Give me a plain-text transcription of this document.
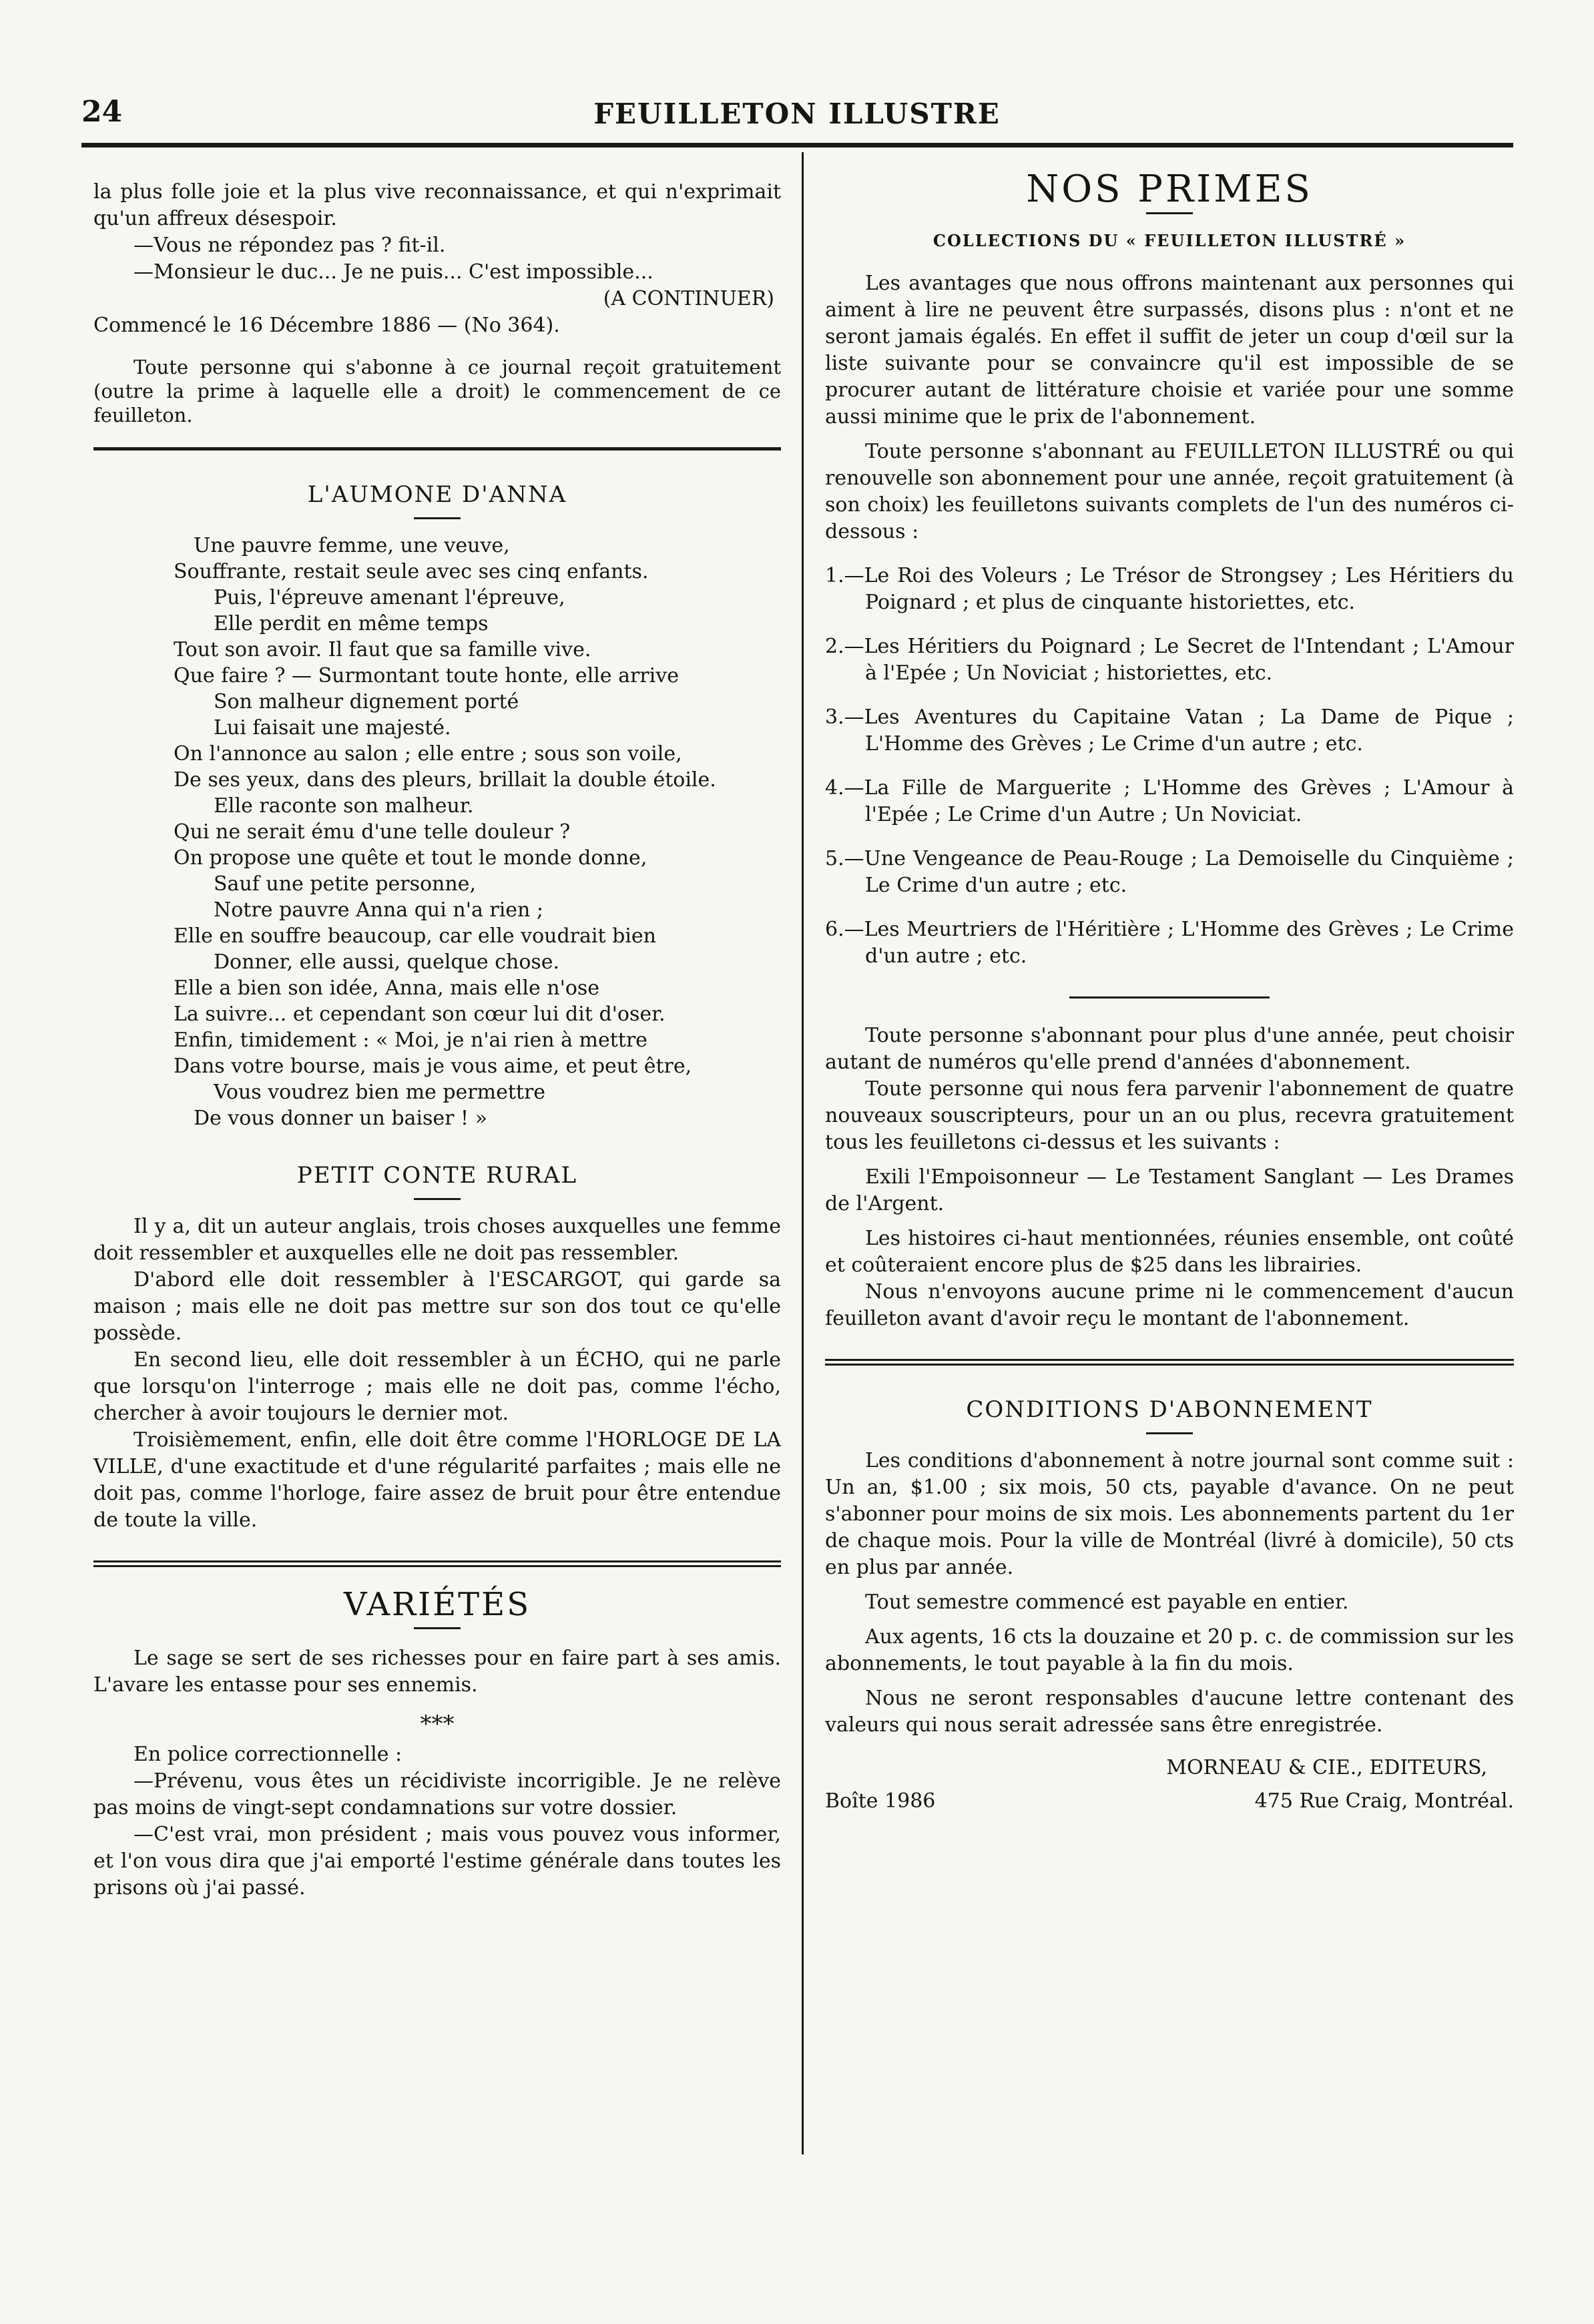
24	FEUILLETON ILLUSTRE

la plus folle joie et la plus vive reconnaissance, et qui n'exprimait qu'un affreux désespoir.

—Vous ne répondez pas ? fit-il.

—Monsieur le duc... Je ne puis... C'est impossible...

(A CONTINUER)

Commencé le 16 Décembre 1886 — (No 364).

Toute personne qui s'abonne à ce journal reçoit gratuitement (outre la prime à laquelle elle a droit) le commencement de ce feuilleton.

L'AUMONE D'ANNA

Une pauvre femme, une veuve,

Souffrante, restait seule avec ses cinq enfants.

Puis, l'épreuve amenant l'épreuve,

Elle perdit en même temps

Tout son avoir. Il faut que sa famille vive.

Que faire ? — Surmontant toute honte, elle arrive

Son malheur dignement porté

Lui faisait une majesté.

On l'annonce au salon ; elle entre ; sous son voile,

De ses yeux, dans des pleurs, brillait la double étoile.

Elle raconte son malheur.

Qui ne serait ému d'une telle douleur ?

On propose une quête et tout le monde donne,

Sauf une petite personne,

Notre pauvre Anna qui n'a rien ;

Elle en souffre beaucoup, car elle voudrait bien

Donner, elle aussi, quelque chose.

Elle a bien son idée, Anna, mais elle n'ose

La suivre... et cependant son cœur lui dit d'oser.

Enfin, timidement : « Moi, je n'ai rien à mettre

Dans votre bourse, mais je vous aime, et peut être,

Vous voudrez bien me permettre

De vous donner un baiser ! »

PETIT CONTE RURAL

Il y a, dit un auteur anglais, trois choses auxquelles une femme doit ressembler et auxquelles elle ne doit pas ressembler.

D'abord elle doit ressembler à l'ESCARGOT, qui garde sa maison ; mais elle ne doit pas mettre sur son dos tout ce qu'elle possède.

En second lieu, elle doit ressembler à un ÉCHO, qui ne parle que lorsqu'on l'interroge ; mais elle ne doit pas, comme l'écho, chercher à avoir toujours le dernier mot.

Troisièmement, enfin, elle doit être comme l'HORLOGE DE LA VILLE, d'une exactitude et d'une régularité parfaites ; mais elle ne doit pas, comme l'horloge, faire assez de bruit pour être entendue de toute la ville.

VARIÉTÉS

Le sage se sert de ses richesses pour en faire part à ses amis. L'avare les entasse pour ses ennemis.

***

En police correctionnelle :

—Prévenu, vous êtes un récidiviste incorrigible. Je ne relève pas moins de vingt-sept condamnations sur votre dossier.

—C'est vrai, mon président ; mais vous pouvez vous informer, et l'on vous dira que j'ai emporté l'estime générale dans toutes les prisons où j'ai passé.

NOS PRIMES

COLLECTIONS DU « FEUILLETON ILLUSTRÉ »

Les avantages que nous offrons maintenant aux personnes qui aiment à lire ne peuvent être surpassés, disons plus : n'ont et ne seront jamais égalés. En effet il suffit de jeter un coup d'œil sur la liste suivante pour se convaincre qu'il est impossible de se procurer autant de littérature choisie et variée pour une somme aussi minime que le prix de l'abonnement.

Toute personne s'abonnant au FEUILLETON ILLUSTRÉ ou qui renouvelle son abonnement pour une année, reçoit gratuitement (à son choix) les feuilletons suivants complets de l'un des numéros ci-dessous :

1.—Le Roi des Voleurs ; Le Trésor de Strongsey ; Les Héritiers du Poignard ; et plus de cinquante historiettes, etc.

2.—Les Héritiers du Poignard ; Le Secret de l'Intendant ; L'Amour à l'Epée ; Un Noviciat ; historiettes, etc.

3.—Les Aventures du Capitaine Vatan ; La Dame de Pique ; L'Homme des Grèves ; Le Crime d'un autre ; etc.

4.—La Fille de Marguerite ; L'Homme des Grèves ; L'Amour à l'Epée ; Le Crime d'un Autre ; Un Noviciat.

5.—Une Vengeance de Peau-Rouge ; La Demoiselle du Cinquième ; Le Crime d'un autre ; etc.

6.—Les Meurtriers de l'Héritière ; L'Homme des Grèves ; Le Crime d'un autre ; etc.

Toute personne s'abonnant pour plus d'une année, peut choisir autant de numéros qu'elle prend d'années d'abonnement.

Toute personne qui nous fera parvenir l'abonnement de quatre nouveaux souscripteurs, pour un an ou plus, recevra gratuitement tous les feuilletons ci-dessus et les suivants :

Exili l'Empoisonneur — Le Testament Sanglant — Les Drames de l'Argent.

Les histoires ci-haut mentionnées, réunies ensemble, ont coûté et coûteraient encore plus de $25 dans les librairies.

Nous n'envoyons aucune prime ni le commencement d'aucun feuilleton avant d'avoir reçu le montant de l'abonnement.

CONDITIONS D'ABONNEMENT

Les conditions d'abonnement à notre journal sont comme suit : Un an, $1.00 ; six mois, 50 cts, payable d'avance. On ne peut s'abonner pour moins de six mois. Les abonnements partent du 1er de chaque mois. Pour la ville de Montréal (livré à domicile), 50 cts en plus par année.

Tout semestre commencé est payable en entier.

Aux agents, 16 cts la douzaine et 20 p. c. de commission sur les abonnements, le tout payable à la fin du mois.

Nous ne seront responsables d'aucune lettre contenant des valeurs qui nous serait adressée sans être enregistrée.

MORNEAU & CIE., EDITEURS,

Boîte 1986	475 Rue Craig, Montréal.
